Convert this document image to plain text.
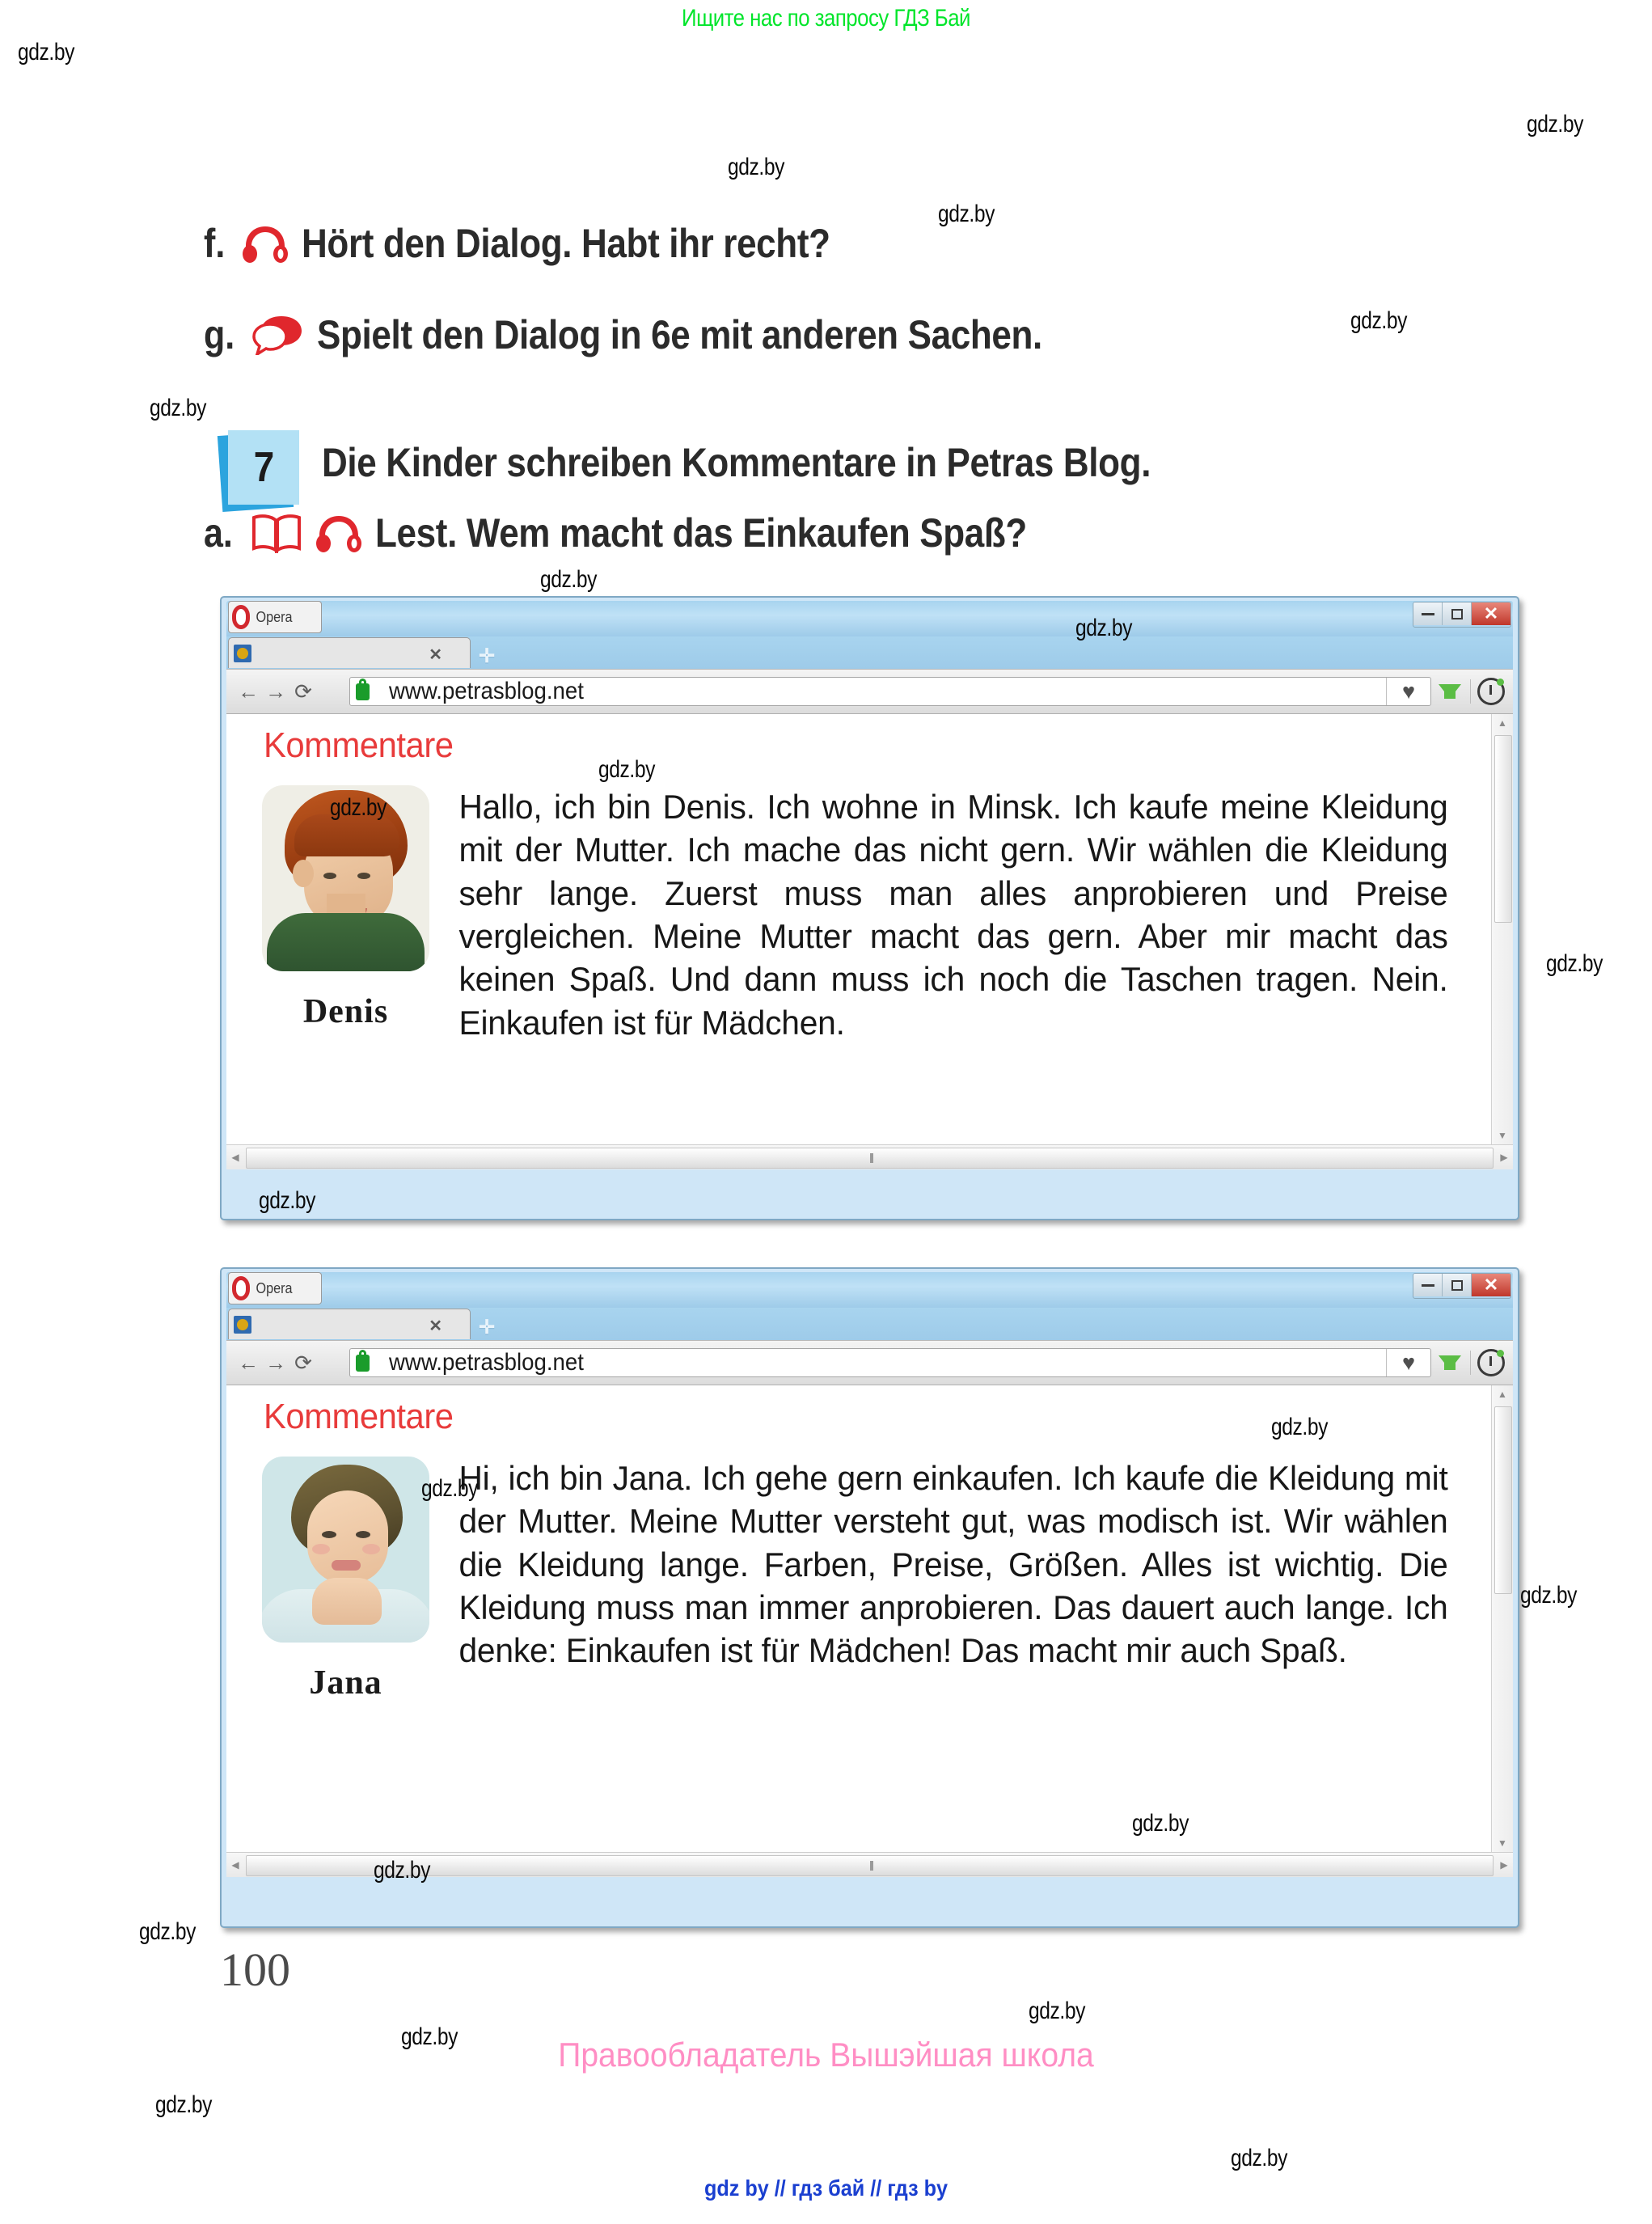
Ищите нас по запросу ГДЗ Бай
f. Hört den Dialog. Habt ihr recht?
g. Spielt den Dialog in 6e mit anderen Sachen.
7 Die Kinder schreiben Kommentare in Petras Blog.
a.	Lest. Wem macht das Einkaufen Spaß?
Opera	✕
✕ ✛
← → ⟳	www.petrasblog.net	♥
Kommentare
Denis
Hallo, ich bin Denis. Ich wohne in Minsk. Ich kaufe meine Kleidung mit der Mutter. Ich mache das nicht gern. Wir wählen die Kleidung sehr lange. Zuerst muss man alles anprobieren und Preise vergleichen. Meine Mutter macht das gern. Aber mir macht das keinen Spaß. Und dann muss ich noch die Taschen tragen. Nein. Einkaufen ist für Mädchen.
▲
▼
◀	▶
Opera	✕
✕ ✛
← → ⟳	www.petrasblog.net	♥
Kommentare
Jana
Hi, ich bin Jana. Ich gehe gern einkaufen. Ich kaufe die Kleidung mit der Mutter. Meine Mutter versteht gut, was modisch ist. Wir wählen die Kleidung lange. Farben, Preise, Größen. Alles ist wichtig. Die Kleidung muss man immer anprobieren. Das dauert auch lange. Ich denke: Einkaufen ist für Mädchen! Das macht mir auch Spaß.
▲
▼
◀	▶
100
Правообладатель Вышэйшая школа
gdz by // гдз бай // гдз by
gdz.by
gdz.by
gdz.by
gdz.by
gdz.by
gdz.by
gdz.by
gdz.by
gdz.by
gdz.by
gdz.by
gdz.by
gdz.by
gdz.by
gdz.by
gdz.by
gdz.by
gdz.by
gdz.by
gdz.by
gdz.by
gdz.by
